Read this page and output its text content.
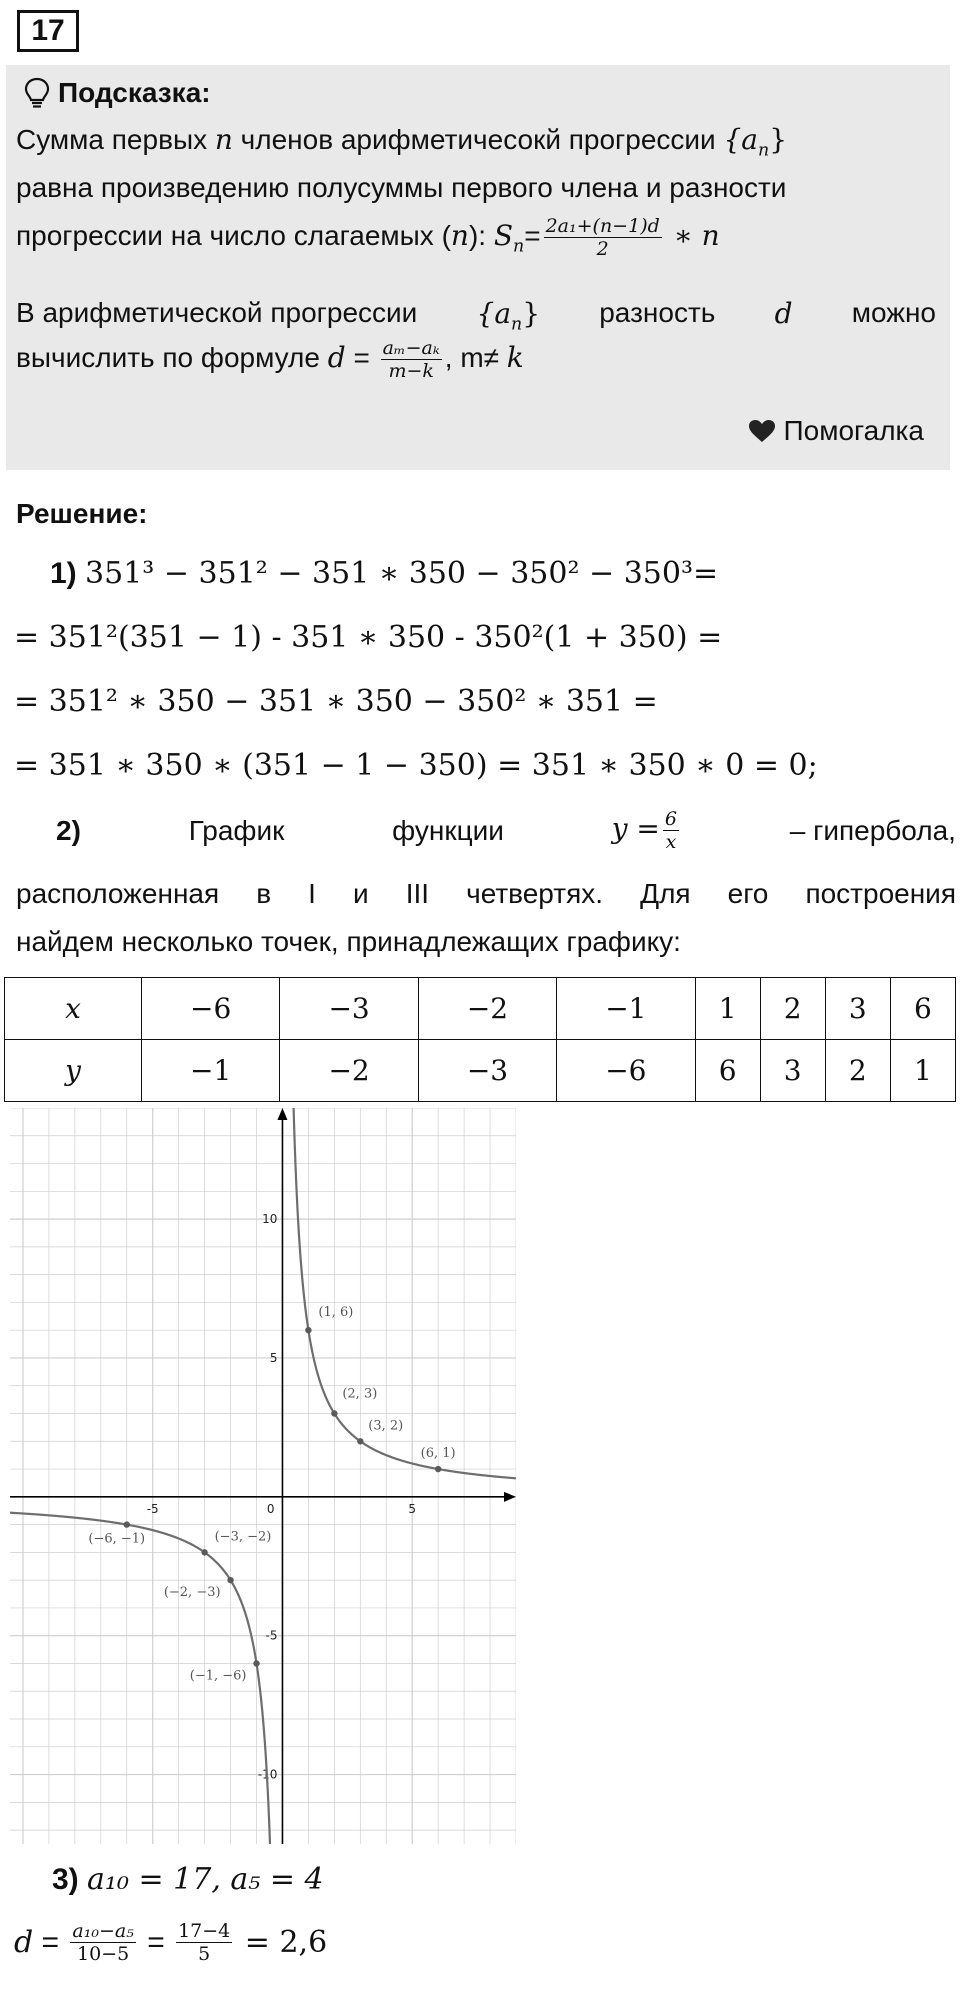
17
Подсказка:
Сумма первых n членов арифметичесокй прогрессии $\{a_n\}$
равна произведению полусуммы первого члена и разности
прогрессии на число слагаемых (n): $S_n= \frac{\text{2a₁+(n−1)d}}{2}$ ∗ n
В арифметической прогрессии $\{a_n\}$ разность d можно
вычислить по формуле $d = \frac{\text{aₘ−aₖ}}{m-k}$ , m≠ k
Помогалка
Решение:
1) 351³ − 351² − 351 ∗ 350 − 350² − 350³=
= 351²(351 − 1) - 351 ∗ 350 - 350²(1 + 350) =
= 351² ∗ 350 − 351 ∗ 350 − 350² ∗ 351 =
= 351 ∗ 350 ∗ (351 − 1 − 350) = 351 ∗ 350 ∗ 0 = 0;
2)	График	функции	$y = \frac{6}{x}$	– гипербола,
расположенная в I и III четвертях. Для его построения
найдем несколько точек, принадлежащих графику:
x	−6	−3	−2	−1	1	2	3	6
y	−1	−2	−3	−6	6	3	2	1
-5	5
10
5
-5
-10
0
(1, 6)
(2, 3)
(3, 2)
(6, 1)
(−6, −1)	(−3, −2)
(−2, −3)
(−1, −6)
3) a₁₀ = 17, a₅ = 4
$d = \frac{\text{a₁₀−a₅}}{10-5} = \frac{17-4}{5} = 2,6$
